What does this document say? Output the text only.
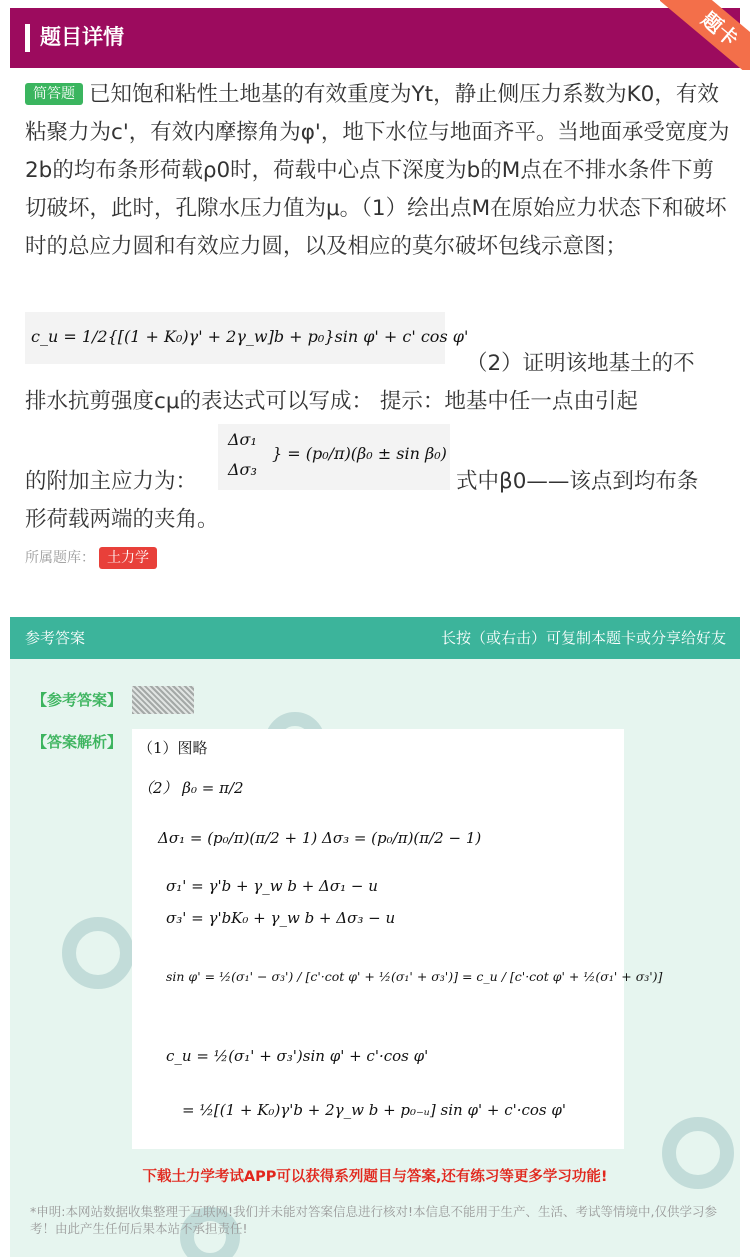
题目详情	题卡
简答题 已知饱和粘性土地基的有效重度为Yt，静止侧压力系数为K0，有效粘聚力为c'，有效内摩擦角为φ'，地下水位与地面齐平。当地面承受宽度为2b的均布条形荷载ρ0时，荷载中心点下深度为b的M点在不排水条件下剪切破坏，此时，孔隙水压力值为μ。（1）绘出点M在原始应力状态下和破坏时的总应力圆和有效应力圆，以及相应的莫尔破坏包线示意图；
c_u = 1/2{[(1 + K₀)γ' + 2γ_w]b + p₀}sin φ' + c' cos φ'
（2）证明该地基土的不
排水抗剪强度cμ的表达式可以写成： 提示：地基中任一点由引起
Δσ₁
Δσ₃
} = (p₀/π)(β₀ ± sin β₀)
的附加主应力为：	式中β0——该点到均布条
形荷载两端的夹角。
所属题库： 土力学
参考答案	长按（或右击）可复制本题卡或分享给好友
【参考答案】
【答案解析】 （1）图略
（2） β₀ = π/2
Δσ₁ = (p₀/π)(π/2 + 1) Δσ₃ = (p₀/π)(π/2 − 1)
σ₁' = γ'b + γ_w b + Δσ₁ − u
σ₃' = γ'bK₀ + γ_w b + Δσ₃ − u
sin φ' = ½(σ₁' − σ₃') / [c'·cot φ' + ½(σ₁' + σ₃')] = c_u / [c'·cot φ' + ½(σ₁' + σ₃')]
c_u = ½(σ₁' + σ₃')sin φ' + c'·cos φ'
= ½[(1 + K₀)γ'b + 2γ_w b + p₀₋ᵤ] sin φ' + c'·cos φ'
下载土力学考试APP可以获得系列题目与答案,还有练习等更多学习功能!
*申明:本网站数据收集整理于互联网!我们并未能对答案信息进行核对!本信息不能用于生产、生活、考试等情境中,仅供学习参考！由此产生任何后果本站不承担责任!
